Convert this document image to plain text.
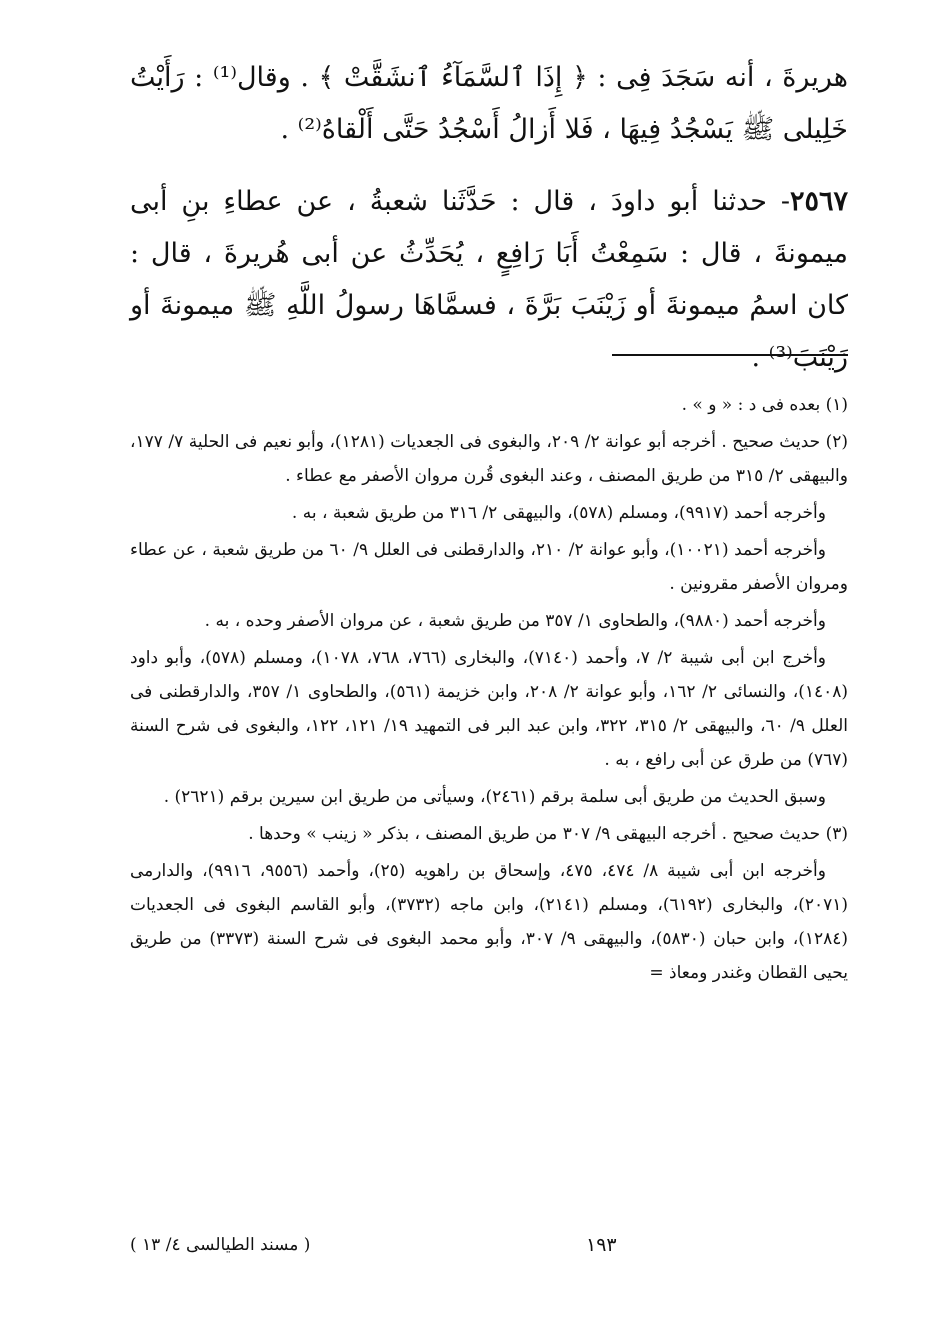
هريرةَ ، أنه سَجَدَ فِى : ﴿ إِذَا ٱلسَّمَآءُ ٱنشَقَّتْ ﴾ . وقال⁽¹⁾ : رَأَيْتُ خَلِيلى ﷺ يَسْجُدُ فِيهَا ، فَلا أَزالُ أَسْجُدُ حَتَّى أَلْقاهُ⁽²⁾ .

٢٥٦٧- حدثنا أبو داودَ ، قال : حَدَّثَنا شعبةُ ، عن عطاءِ بنِ أبى ميمونةَ ، قال : سَمِعْتُ أَبَا رَافِعٍ ، يُحَدِّثُ عن أبى هُريرةَ ، قال : كان اسمُ ميمونةَ أو زَيْنَبَ بَرَّةَ ، فسمَّاهَا رسولُ اللَّهِ ﷺ ميمونةَ أو زَيْنَبَ⁽³⁾ .

(١) بعده فى د : « و » .

(٢) حديث صحيح . أخرجه أبو عوانة ٢/ ٢٠٩، والبغوى فى الجعديات (١٢٨١)، وأبو نعيم فى الحلية ٧/ ١٧٧، والبيهقى ٢/ ٣١٥ من طريق المصنف ، وعند البغوى قُرن مروان الأصفر مع عطاء .

وأخرجه أحمد (٩٩١٧)، ومسلم (٥٧٨)، والبيهقى ٢/ ٣١٦ من طريق شعبة ، به .

وأخرجه أحمد (١٠٠٢١)، وأبو عوانة ٢/ ٢١٠، والدارقطنى فى العلل ٩/ ٦٠ من طريق شعبة ، عن عطاء ومروان الأصفر مقرونين .

وأخرجه أحمد (٩٨٨٠)، والطحاوى ١/ ٣٥٧ من طريق شعبة ، عن مروان الأصفر وحده ، به .

وأخرج ابن أبى شيبة ٢/ ٧، وأحمد (٧١٤٠)، والبخارى (٧٦٦، ٧٦٨، ١٠٧٨)، ومسلم (٥٧٨)، وأبو داود (١٤٠٨)، والنسائى ٢/ ١٦٢، وأبو عوانة ٢/ ٢٠٨، وابن خزيمة (٥٦١)، والطحاوى ١/ ٣٥٧، والدارقطنى فى العلل ٩/ ٦٠، والبيهقى ٢/ ٣١٥، ٣٢٢، وابن عبد البر فى التمهيد ١٩/ ١٢١، ١٢٢، والبغوى فى شرح السنة (٧٦٧) من طرق عن أبى رافع ، به .

وسبق الحديث من طريق أبى سلمة برقم (٢٤٦١)، وسيأتى من طريق ابن سيرين برقم (٢٦٢١) .

(٣) حديث صحيح . أخرجه البيهقى ٩/ ٣٠٧ من طريق المصنف ، بذكر « زينب » وحدها .

وأخرجه ابن أبى شيبة ٨/ ٤٧٤، ٤٧٥، وإسحاق بن راهويه (٢٥)، وأحمد (٩٥٥٦، ٩٩١٦)، والدارمى (٢٠٧١)، والبخارى (٦١٩٢)، ومسلم (٢١٤١)، وابن ماجه (٣٧٣٢)، وأبو القاسم البغوى فى الجعديات (١٢٨٤)، وابن حبان (٥٨٣٠)، والبيهقى ٩/ ٣٠٧، وأبو محمد البغوى فى شرح السنة (٣٣٧٣) من طريق يحيى القطان وغندر ومعاذ =

( مسند الطيالسى ٤/ ١٣ )	١٩٣
